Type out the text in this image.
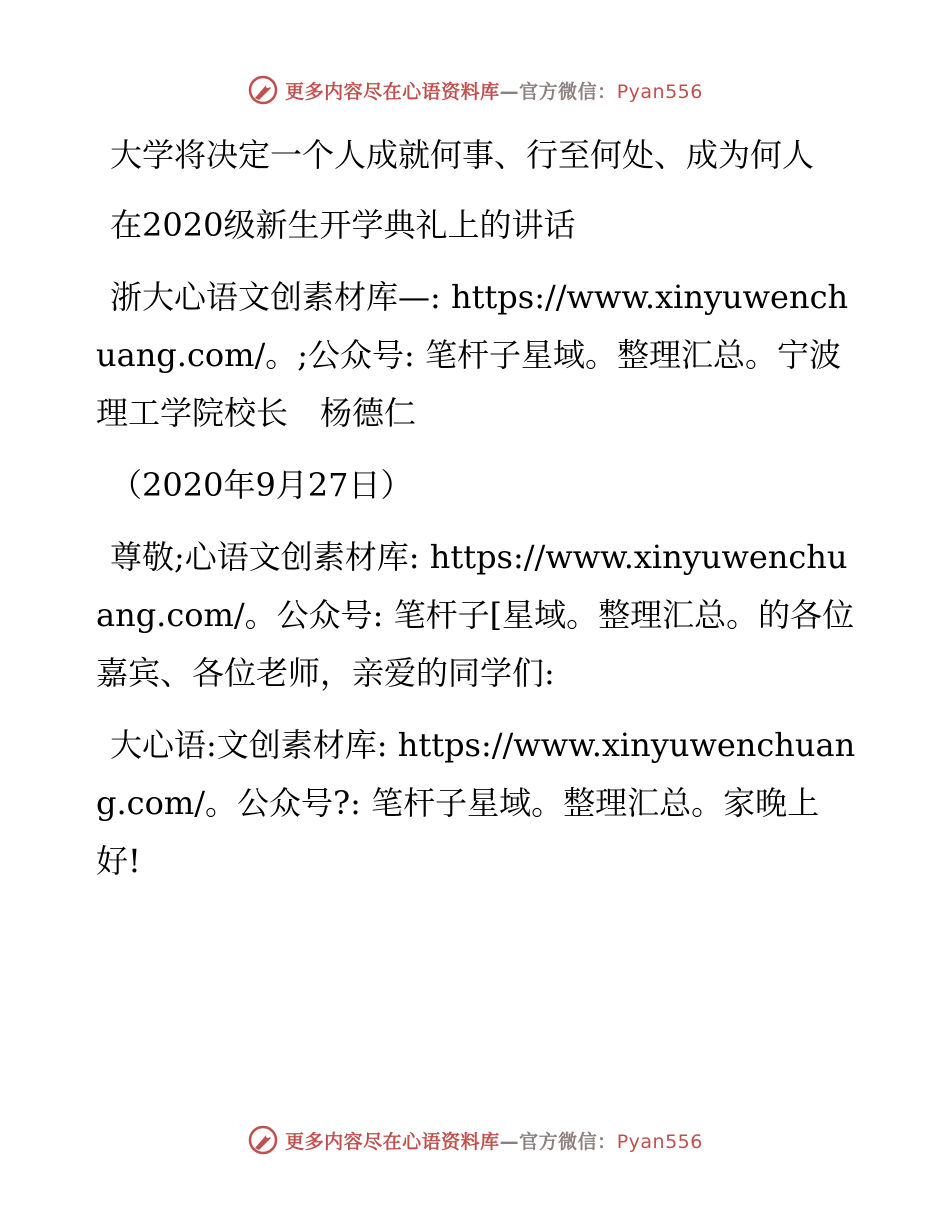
更多内容尽在心语资料库—官方微信：Pyan556

大学将决定一个人成就何事、行至何处、成为何人

在2020级新生开学典礼上的讲话

浙大心语文创素材库—: https://www.xinyuwenchuang.com/。;公众号: 笔杆子星域。整理汇总。宁波理工学院校长　杨德仁

（2020年9月27日）

尊敬;心语文创素材库: https://www.xinyuwenchuang.com/。公众号: 笔杆子[星域。整理汇总。的各位嘉宾、各位老师，亲爱的同学们:

大心语:文创素材库: https://www.xinyuwenchuang.com/。公众号?: 笔杆子星域。整理汇总。家晚上好!

更多内容尽在心语资料库—官方微信：Pyan556
